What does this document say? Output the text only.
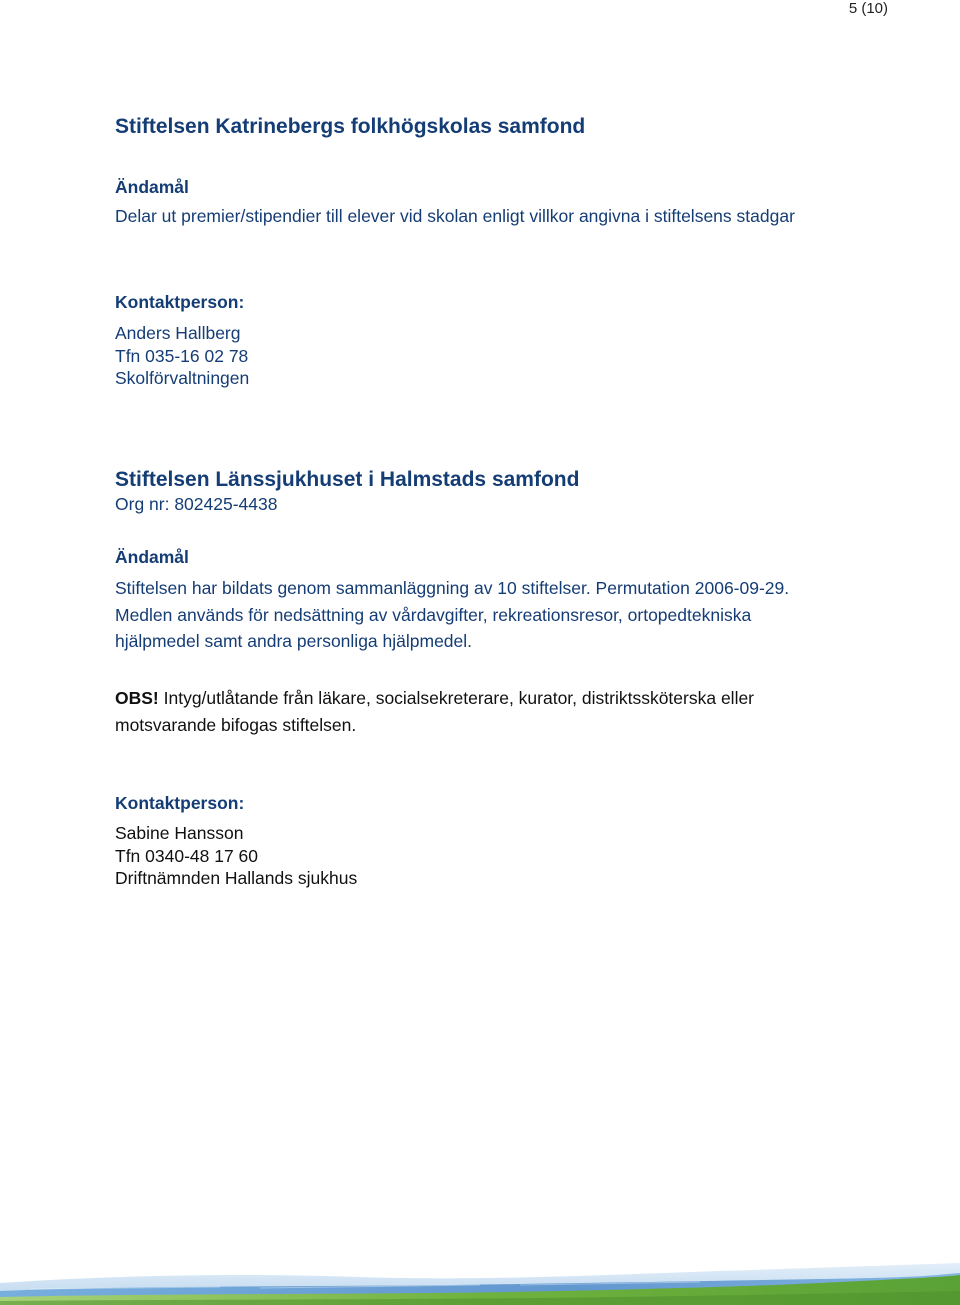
5 (10)
Stiftelsen Katrinebergs folkhögskolas samfond
Ändamål

Delar ut premier/stipendier till elever vid skolan enligt villkor angivna i stiftelsens stadgar

Kontaktperson:
Anders Hallberg
Tfn 035-16 02 78
Skolförvaltningen
Stiftelsen Länssjukhuset i Halmstads samfond

Org nr: 802425-4438

Ändamål

Stiftelsen har bildats genom sammanläggning av 10 stiftelser. Permutation 2006-09-29. Medlen används för nedsättning av vårdavgifter, rekreationsresor, ortopedtekniska hjälpmedel samt andra personliga hjälpmedel.

OBS! Intyg/utlåtande från läkare, socialsekreterare, kurator, distriktssköterska eller motsvarande bifogas stiftelsen.

Kontaktperson:
Sabine Hansson
Tfn 0340-48 17 60
Driftnämnden Hallands sjukhus
